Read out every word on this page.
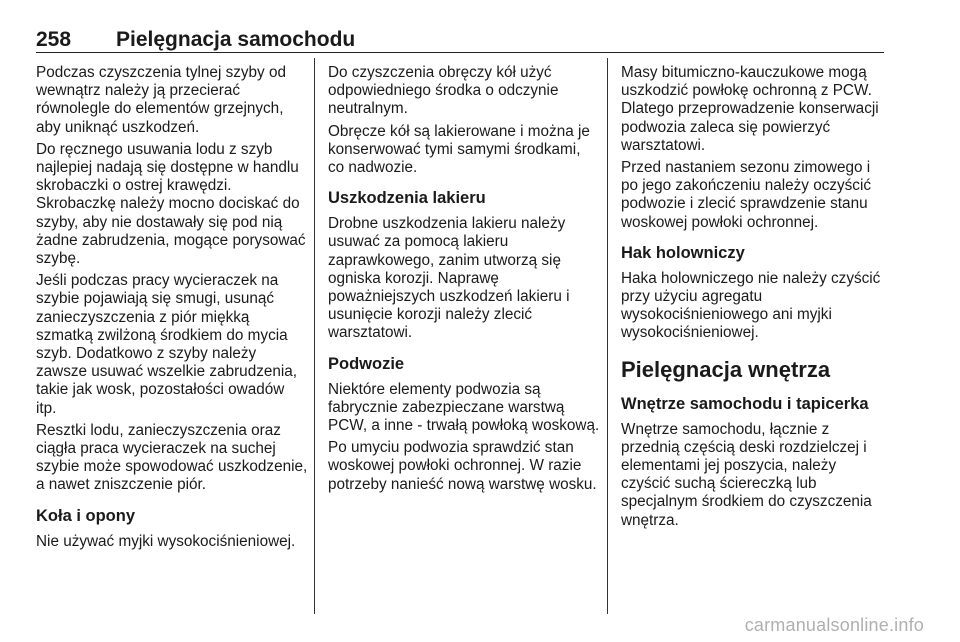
258 Pielęgnacja samochodu

Podczas czyszczenia tylnej szyby od wewnątrz należy ją przecierać równolegle do elementów grzejnych, aby uniknąć uszkodzeń.

Do ręcznego usuwania lodu z szyb najlepiej nadają się dostępne w handlu skrobaczki o ostrej krawędzi. Skrobaczkę należy mocno dociskać do szyby, aby nie dostawały się pod nią żadne zabrudzenia, mogące porysować szybę.

Jeśli podczas pracy wycieraczek na szybie pojawiają się smugi, usunąć zanieczyszczenia z piór miękką szmatką zwilżoną środkiem do mycia szyb. Dodatkowo z szyby należy zawsze usuwać wszelkie zabrudzenia, takie jak wosk, pozostałości owadów itp.

Resztki lodu, zanieczyszczenia oraz ciągła praca wycieraczek na suchej szybie może spowodować uszkodzenie, a nawet zniszczenie piór.

Koła i opony

Nie używać myjki wysokociśnieniowej.

Do czyszczenia obręczy kół użyć odpowiedniego środka o odczynie neutralnym.

Obręcze kół są lakierowane i można je konserwować tymi samymi środkami, co nadwozie.

Uszkodzenia lakieru

Drobne uszkodzenia lakieru należy usuwać za pomocą lakieru zaprawkowego, zanim utworzą się ogniska korozji. Naprawę poważniejszych uszkodzeń lakieru i usunięcie korozji należy zlecić warsztatowi.

Podwozie

Niektóre elementy podwozia są fabrycznie zabezpieczane warstwą PCW, a inne - trwałą powłoką woskową.

Po umyciu podwozia sprawdzić stan woskowej powłoki ochronnej. W razie potrzeby nanieść nową warstwę wosku.

Masy bitumiczno-kauczukowe mogą uszkodzić powłokę ochronną z PCW. Dlatego przeprowadzenie konserwacji podwozia zaleca się powierzyć warsztatowi.

Przed nastaniem sezonu zimowego i po jego zakończeniu należy oczyścić podwozie i zlecić sprawdzenie stanu woskowej powłoki ochronnej.

Hak holowniczy

Haka holowniczego nie należy czyścić przy użyciu agregatu wysokociśnieniowego ani myjki wysokociśnieniowej.

Pielęgnacja wnętrza
Wnętrze samochodu i tapicerka

Wnętrze samochodu, łącznie z przednią częścią deski rozdzielczej i elementami jej poszycia, należy czyścić suchą ściereczką lub specjalnym środkiem do czyszczenia wnętrza.

carmanualsonline.info
